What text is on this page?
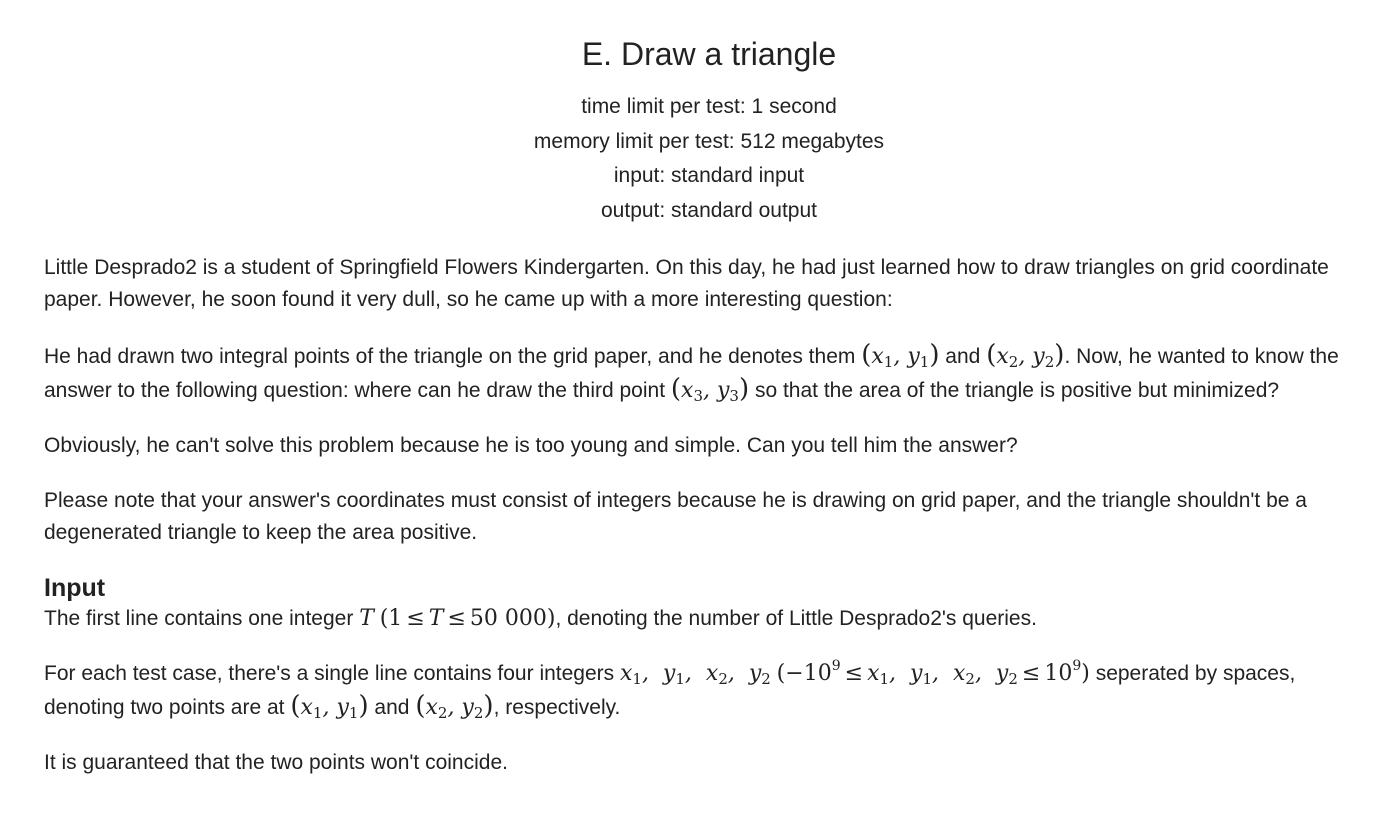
E. Draw a triangle
time limit per test: 1 second
memory limit per test: 512 megabytes
input: standard input
output: standard output

Little Desprado2 is a student of Springfield Flowers Kindergarten. On this day, he had just learned how to draw triangles on grid coordinate paper. However, he soon found it very dull, so he came up with a more interesting question:

He had drawn two integral points of the triangle on the grid paper, and he denotes them ($x_1$, $y_1$) and ($x_2$, $y_2$). Now, he wanted to know the answer to the following question: where can he draw the third point ($x_3$, $y_3$) so that the area of the triangle is positive but minimized?

Obviously, he can't solve this problem because he is too young and simple. Can you tell him the answer?

Please note that your answer's coordinates must consist of integers because he is drawing on grid paper, and the triangle shouldn't be a degenerated triangle to keep the area positive.

Input

The first line contains one integer T (1 ≤ T ≤ 50 000), denoting the number of Little Desprado2's queries.

For each test case, there's a single line contains four integers $x_1$,  $y_1$,  $x_2$,  $y_2$ ($-10^9 \le x_1$,  $y_1$,  $x_2$,  $y_2 \le 10^9$) seperated by spaces, denoting two points are at ($x_1$, $y_1$) and ($x_2$, $y_2$), respectively.

It is guaranteed that the two points won't coincide.
